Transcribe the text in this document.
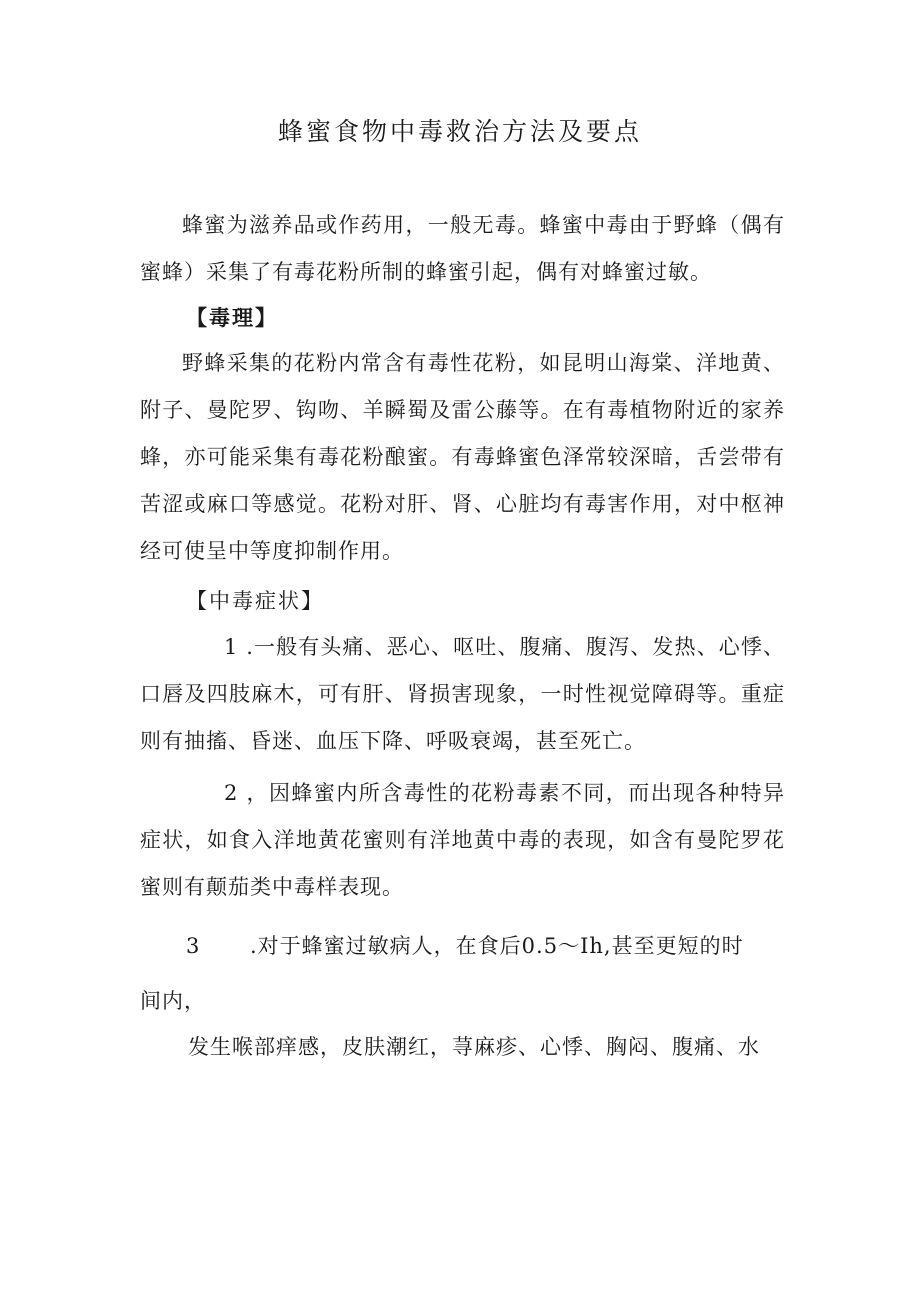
蜂蜜食物中毒救治方法及要点

蜂蜜为滋养品或作药用，一般无毒。蜂蜜中毒由于野蜂（偶有蜜蜂）采集了有毒花粉所制的蜂蜜引起，偶有对蜂蜜过敏。

【毒理】

野蜂采集的花粉内常含有毒性花粉，如昆明山海棠、洋地黄、附子、曼陀罗、钩吻、羊瞬蜀及雷公藤等。在有毒植物附近的家养蜂，亦可能采集有毒花粉酿蜜。有毒蜂蜜色泽常较深暗，舌尝带有苦涩或麻口等感觉。花粉对肝、肾、心脏均有毒害作用，对中枢神经可使呈中等度抑制作用。

【中毒症状】

1 .一般有头痛、恶心、呕吐、腹痛、腹泻、发热、心悸、口唇及四肢麻木，可有肝、肾损害现象，一时性视觉障碍等。重症则有抽搐、昏迷、血压下降、呼吸衰竭，甚至死亡。

2 ，因蜂蜜内所含毒性的花粉毒素不同，而出现各种特异症状，如食入洋地黄花蜜则有洋地黄中毒的表现，如含有曼陀罗花蜜则有颠茄类中毒样表现。

3 .对于蜂蜜过敏病人，在食后0.5～Ih,甚至更短的时

间内，

发生喉部痒感，皮肤潮红，荨麻疹、心悸、胸闷、腹痛、水
